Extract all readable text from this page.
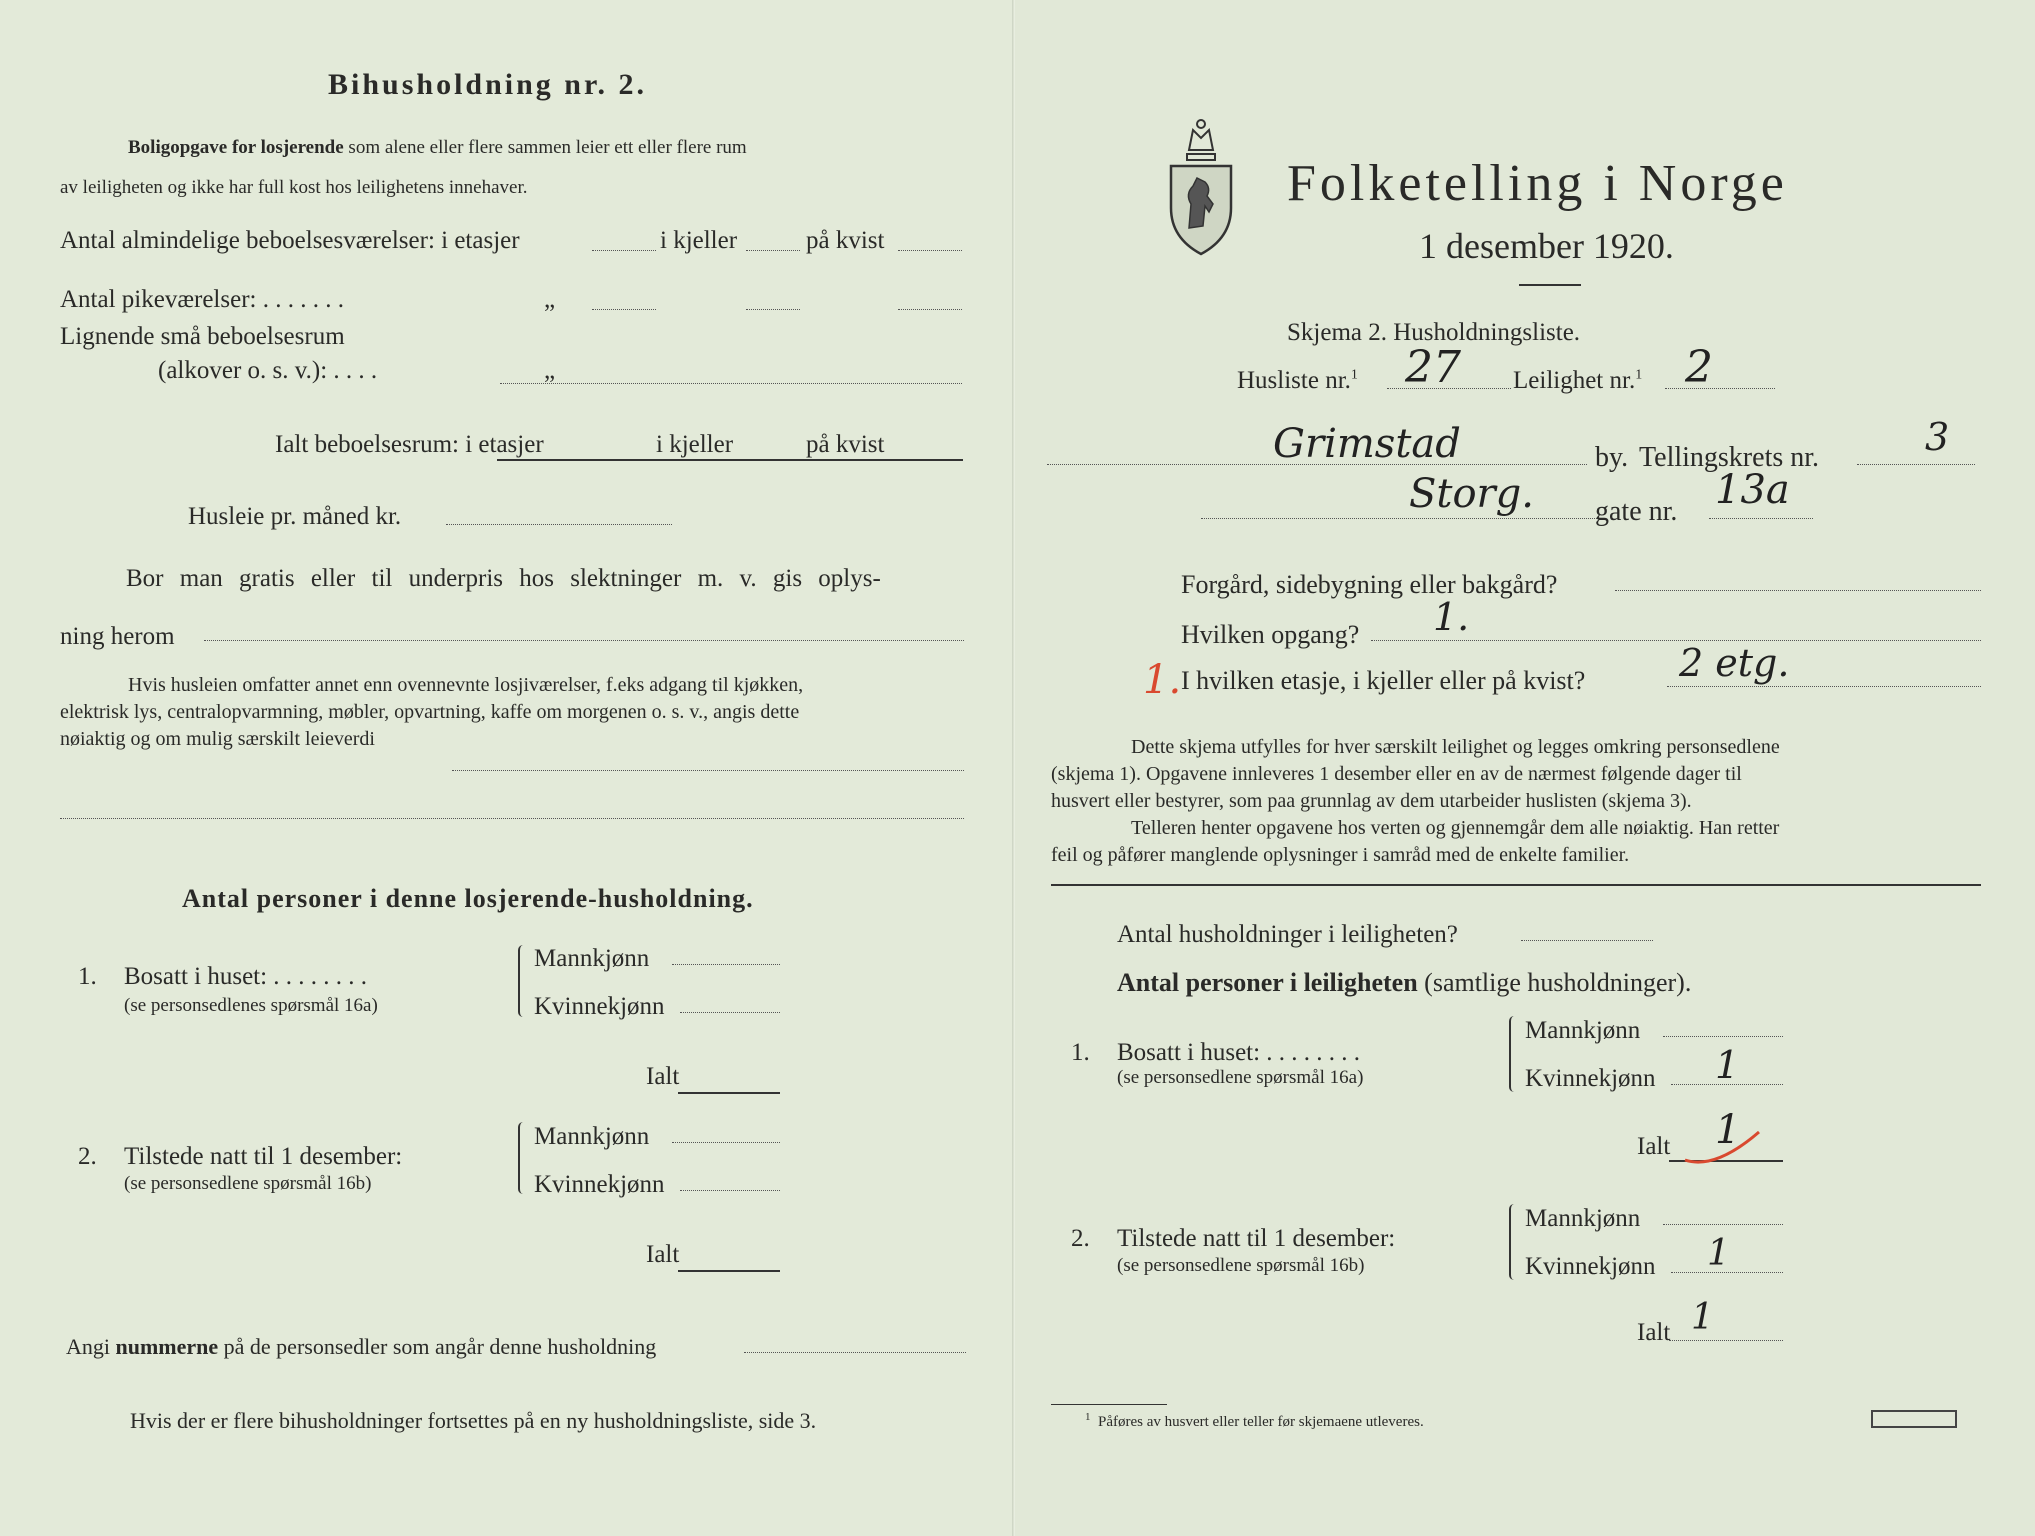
Bihusholdning nr. 2.
Boligopgave for losjerende som alene eller flere sammen leier ett eller flere rum
av leiligheten og ikke har full kost hos leilighetens innehaver.
Antal almindelige beboelsesværelser: i etasjer	i kjeller	på kvist
Antal pikeværelser: . . . . . . .	„
Lignende små beboelsesrum
(alkover o. s. v.): . . . .	„
Ialt beboelsesrum: i etasjer	i kjeller	på kvist
Husleie pr. måned kr.
Bor man gratis eller til underpris hos slektninger m. v. gis oplys-
ning herom
Hvis husleien omfatter annet enn ovennevnte losjiværelser, f.eks adgang til kjøkken,
elektrisk lys, centralopvarmning, møbler, opvartning, kaffe om morgenen o. s. v., angis dette
nøiaktig og om mulig særskilt leieverdi
Antal personer i denne losjerende-husholdning.
1. Bosatt i huset: . . . . . . . .
(se personsedlenes spørsmål 16a)
Mannkjønn
Kvinnekjønn
Ialt
2. Tilstede natt til 1 desember:
(se personsedlene spørsmål 16b)
Mannkjønn
Kvinnekjønn
Ialt
Angi nummerne på de personsedler som angår denne husholdning
Hvis der er flere bihusholdninger fortsettes på en ny husholdningsliste, side 3.
Folketelling i Norge
1 desember 1920.
Skjema 2. Husholdningsliste.
Husliste nr.$^1$ 27 Leilighet nr.$^1$ 2
Grimstad	by. Tellingskrets nr.	3
Storg. gate nr. 13a
Forgård, sidebygning eller bakgård?
Hvilken opgang? 1.
1. I hvilken etasje, i kjeller eller på kvist? 2 etg.
Dette skjema utfylles for hver særskilt leilighet og legges omkring personsedlene
(skjema 1). Opgavene innleveres 1 desember eller en av de nærmest følgende dager til
husvert eller bestyrer, som paa grunnlag av dem utarbeider huslisten (skjema 3).
Telleren henter opgavene hos verten og gjennemgår dem alle nøiaktig. Han retter
feil og påfører manglende oplysninger i samråd med de enkelte familier.
Antal husholdninger i leiligheten?
Antal personer i leiligheten (samtlige husholdninger).
1. Bosatt i huset: . . . . . . . .
(se personsedlene spørsmål 16a)
Mannkjønn
Kvinnekjønn 1
Ialt 1
2. Tilstede natt til 1 desember:
(se personsedlene spørsmål 16b)
Mannkjønn
Kvinnekjønn 1
Ialt 1
$^1$ Påføres av husvert eller teller før skjemaene utleveres.
